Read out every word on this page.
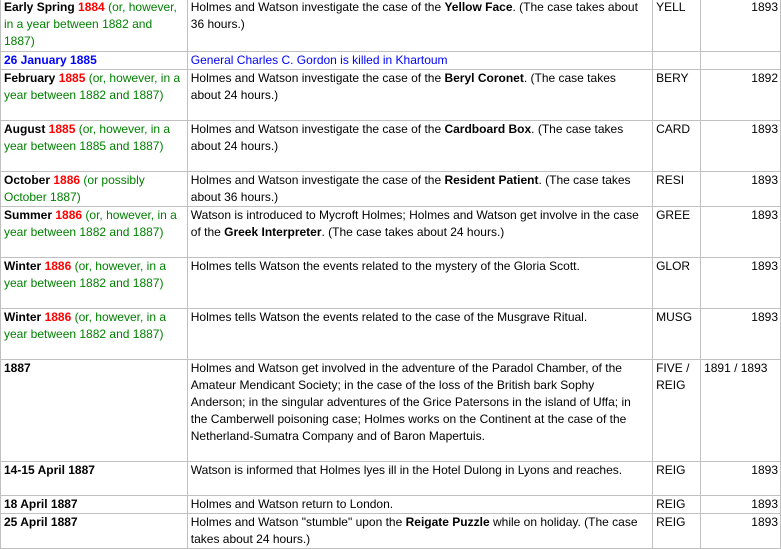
Early Spring 1884 (or, however, in a year between 1882 and 1887)	Holmes and Watson investigate the case of the Yellow Face. (The case takes about 36 hours.)	YELL	1893
26 January 1885	General Charles C. Gordon is killed in Khartoum		
February 1885 (or, however, in a year between 1882 and 1887)	Holmes and Watson investigate the case of the Beryl Coronet. (The case takes about 24 hours.)	BERY	1892
August 1885 (or, however, in a year between 1885 and 1887)	Holmes and Watson investigate the case of the Cardboard Box. (The case takes about 24 hours.)	CARD	1893
October 1886 (or possibly October 1887)	Holmes and Watson investigate the case of the Resident Patient. (The case takes about 36 hours.)	RESI	1893
Summer 1886 (or, however, in a year between 1882 and 1887)	Watson is introduced to Mycroft Holmes; Holmes and Watson get involve in the case of the Greek Interpreter. (The case takes about 24 hours.)	GREE	1893
Winter 1886 (or, however, in a year between 1882 and 1887)	Holmes tells Watson the events related to the mystery of the Gloria Scott.	GLOR	1893
Winter 1886 (or, however, in a year between 1882 and 1887)	Holmes tells Watson the events related to the case of the Musgrave Ritual.	MUSG	1893
1887	Holmes and Watson get involved in the adventure of the Paradol Chamber, of the Amateur Mendicant Society; in the case of the loss of the British bark Sophy Anderson; in the singular adventures of the Grice Patersons in the island of Uffa; in the Camberwell poisoning case; Holmes works on the Continent at the case of the Netherland-Sumatra Company and of Baron Mapertuis.	FIVE / REIG	1891 / 1893
14-15 April 1887	Watson is informed that Holmes lyes ill in the Hotel Dulong in Lyons and reaches.	REIG	1893
18 April 1887	Holmes and Watson return to London.	REIG	1893
25 April 1887	Holmes and Watson "stumble" upon the Reigate Puzzle while on holiday. (The case takes about 24 hours.)	REIG	1893
